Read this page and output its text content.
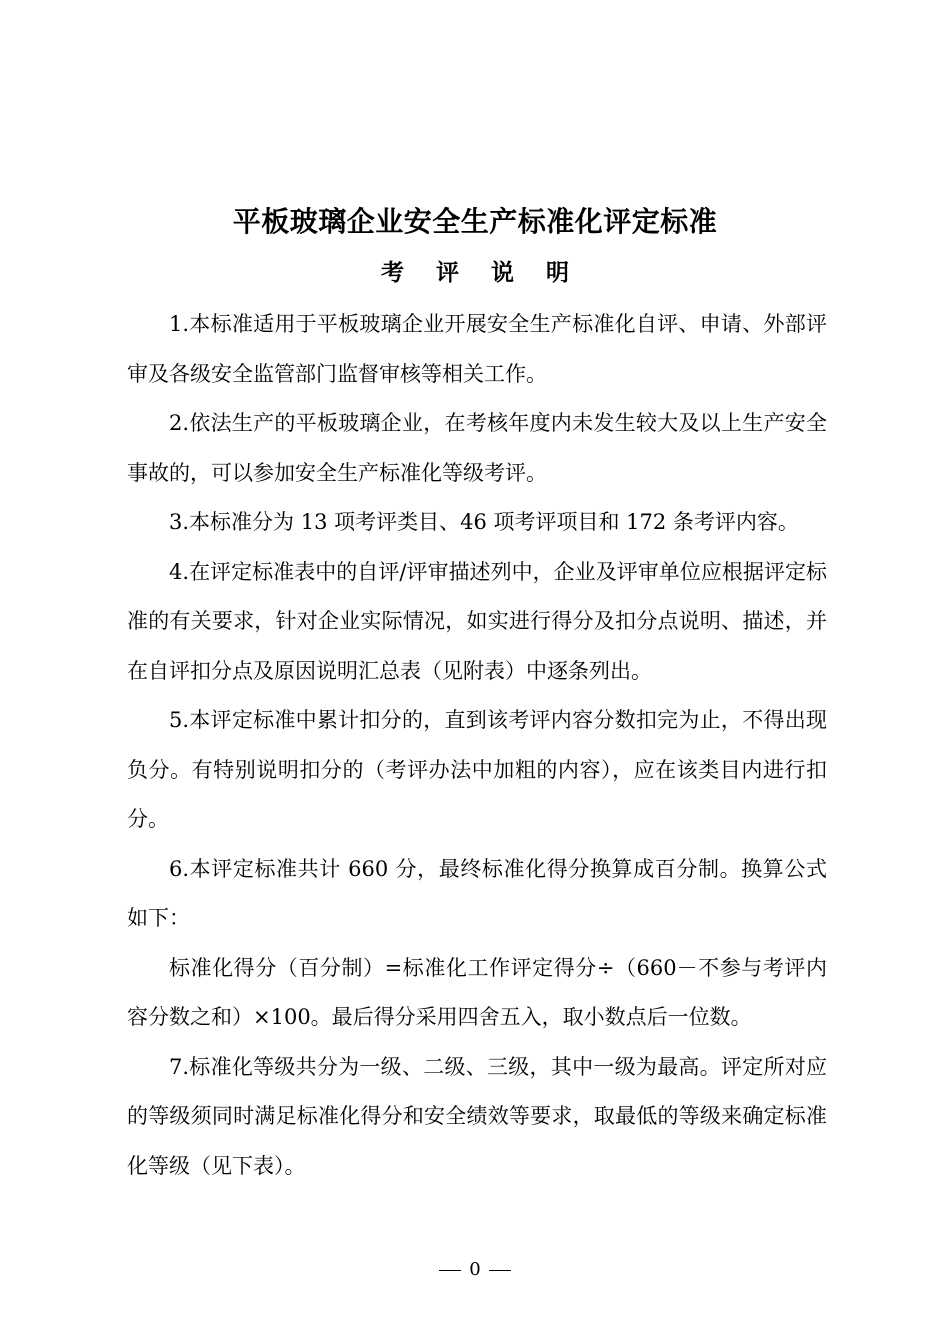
平板玻璃企业安全生产标准化评定标准
考 评 说 明

1.本标准适用于平板玻璃企业开展安全生产标准化自评、申请、外部评审及各级安全监管部门监督审核等相关工作。

2.依法生产的平板玻璃企业，在考核年度内未发生较大及以上生产安全事故的，可以参加安全生产标准化等级考评。

3.本标准分为 13 项考评类目、46 项考评项目和 172 条考评内容。

4.在评定标准表中的自评/评审描述列中，企业及评审单位应根据评定标准的有关要求，针对企业实际情况，如实进行得分及扣分点说明、描述，并在自评扣分点及原因说明汇总表（见附表）中逐条列出。

5.本评定标准中累计扣分的，直到该考评内容分数扣完为止，不得出现负分。有特别说明扣分的（考评办法中加粗的内容），应在该类目内进行扣分。

6.本评定标准共计 660 分，最终标准化得分换算成百分制。换算公式如下：

标准化得分（百分制）=标准化工作评定得分÷（660－不参与考评内容分数之和）×100。最后得分采用四舍五入，取小数点后一位数。

7.标准化等级共分为一级、二级、三级，其中一级为最高。评定所对应的等级须同时满足标准化得分和安全绩效等要求，取最低的等级来确定标准化等级（见下表）。

0
